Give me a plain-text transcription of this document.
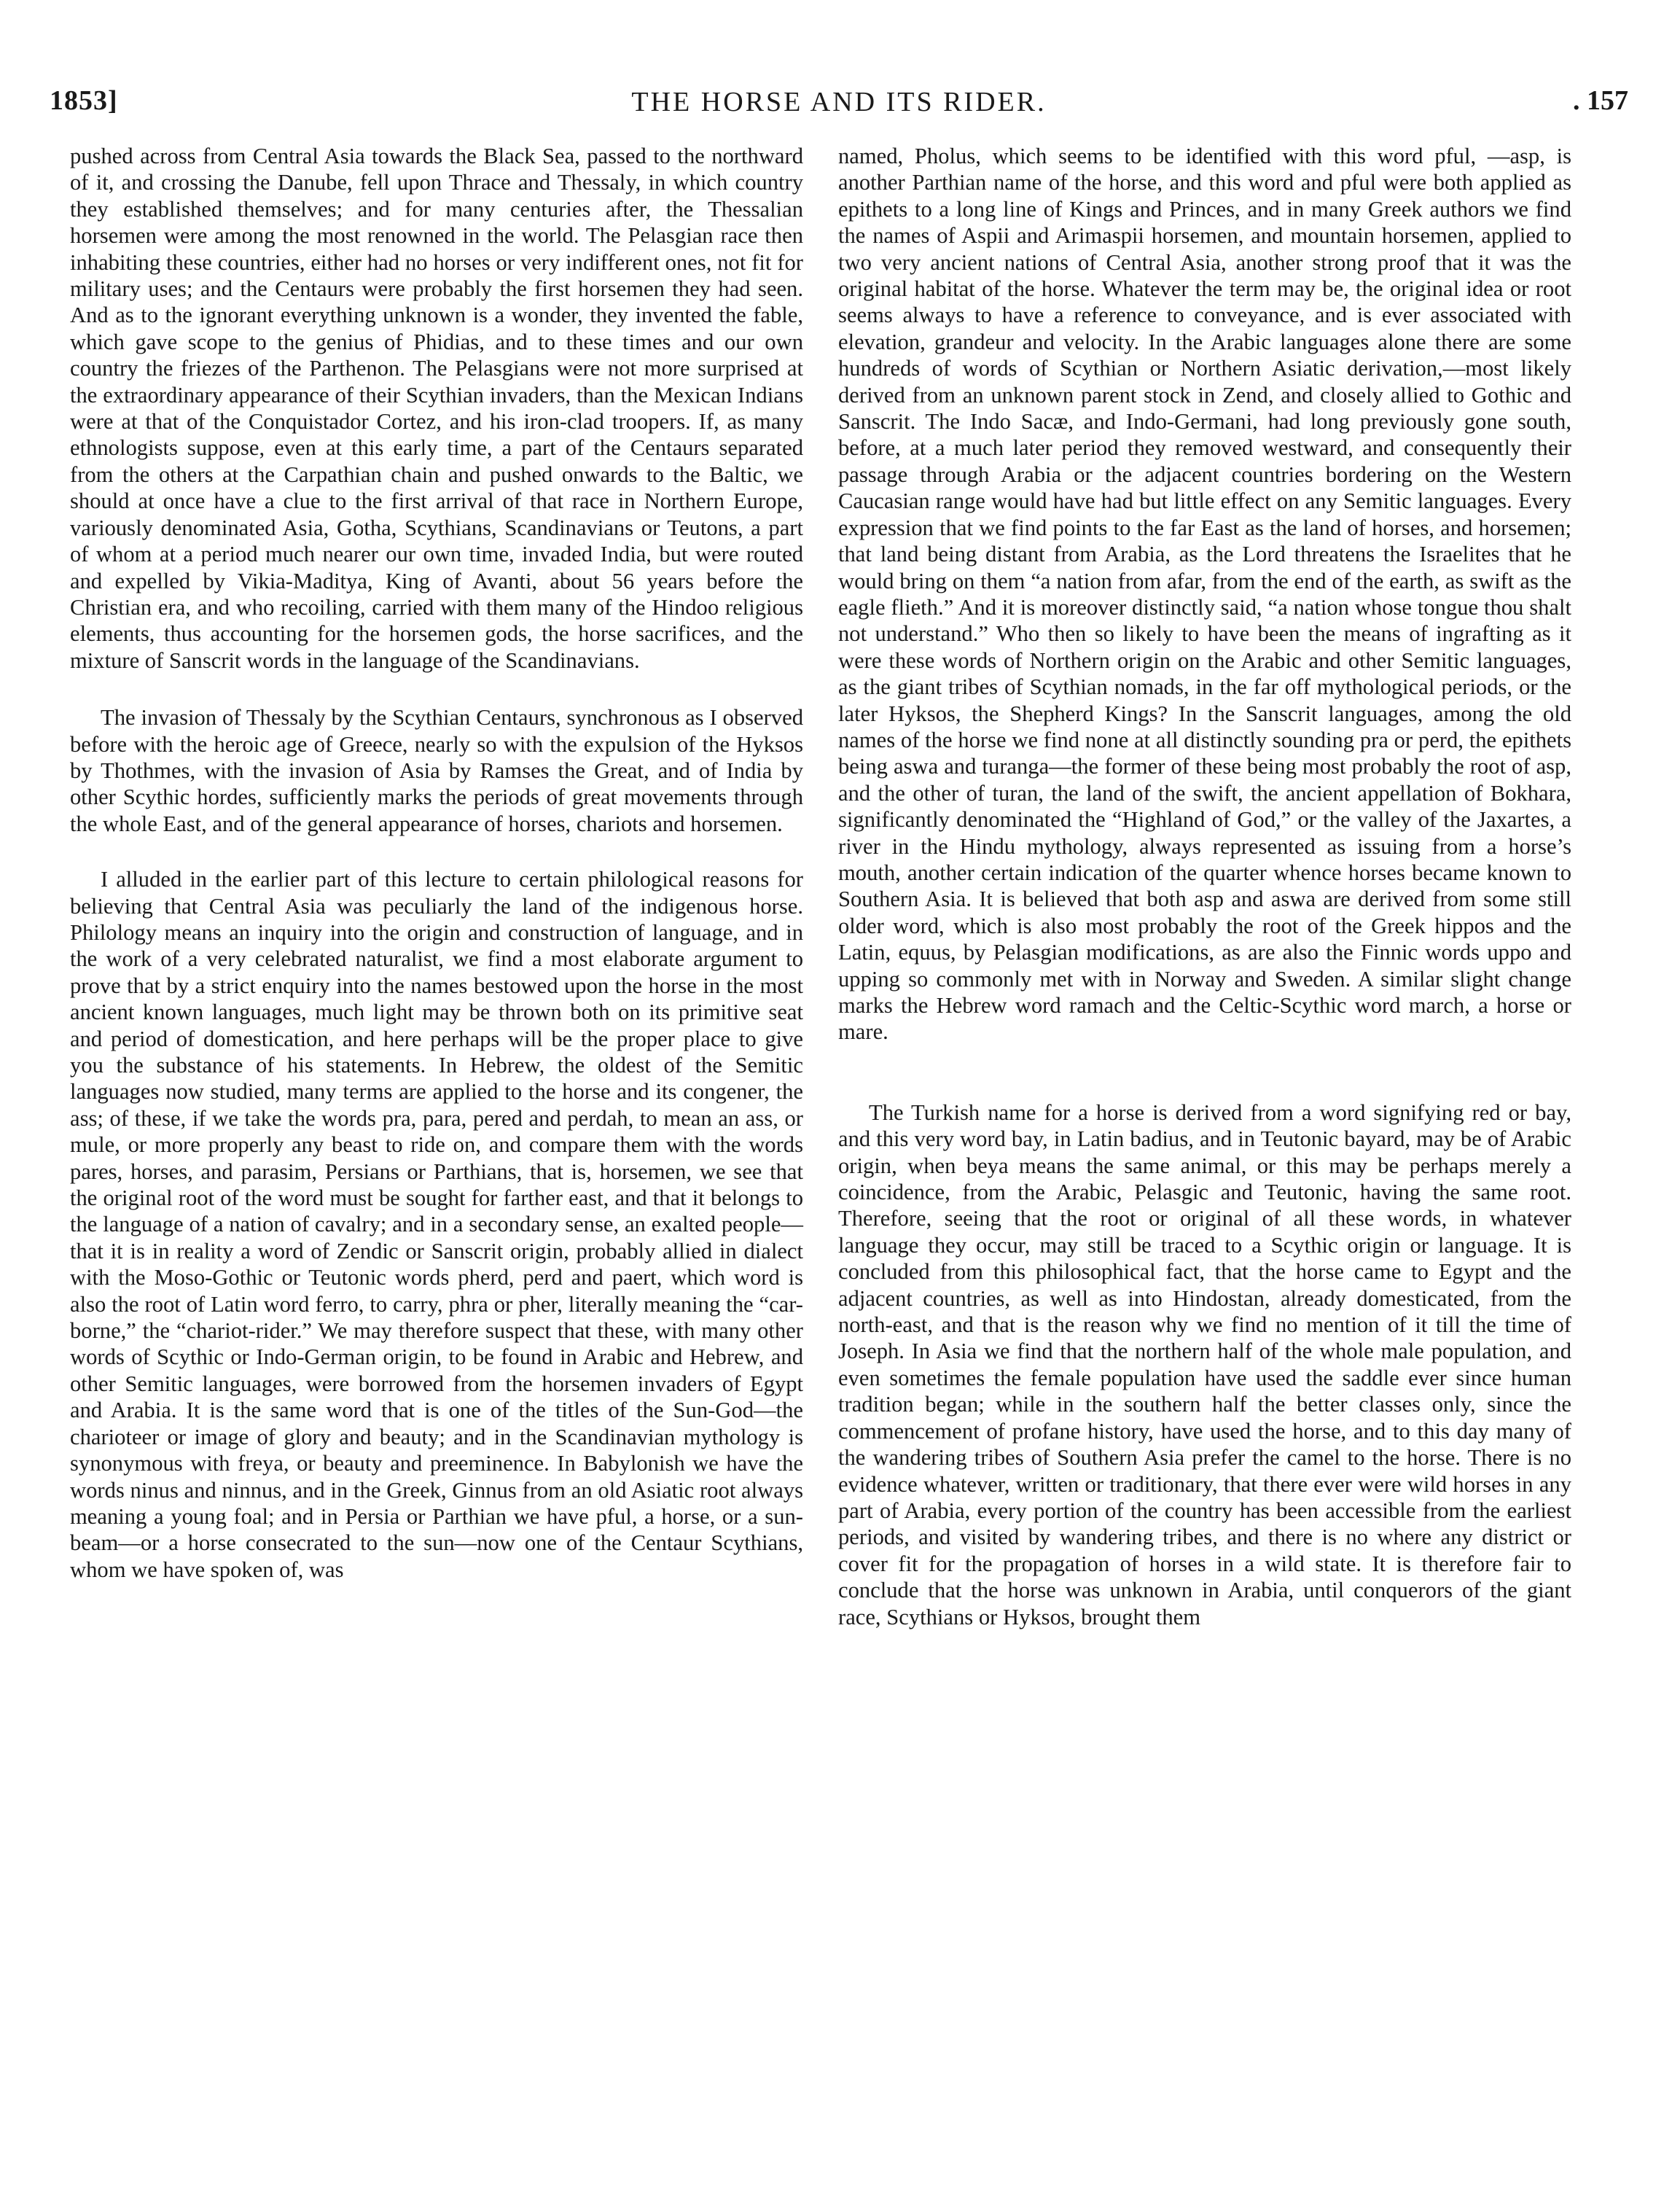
1853]	THE HORSE AND ITS RIDER.	. 157

pushed across from Central Asia towards the Black Sea, passed to the northward of it, and crossing the Danube, fell upon Thrace and Thessaly, in which country they established themselves; and for many centuries after, the Thessalian horsemen were among the most renowned in the world. The Pelasgian race then inhabiting these countries, either had no horses or very indifferent ones, not fit for military uses; and the Centaurs were probably the first horsemen they had seen. And as to the ignorant everything unknown is a wonder, they invented the fable, which gave scope to the genius of Phidias, and to these times and our own country the friezes of the Parthenon. The Pelasgians were not more surprised at the extraordinary appearance of their Scythian invaders, than the Mexican Indians were at that of the Conquistador Cortez, and his iron-clad troopers. If, as many ethnologists suppose, even at this early time, a part of the Centaurs separated from the others at the Carpathian chain and pushed onwards to the Baltic, we should at once have a clue to the first arrival of that race in Northern Europe, variously denominated Asia, Gotha, Scythians, Scandinavians or Teutons, a part of whom at a period much nearer our own time, invaded India, but were routed and expelled by Vikia-Maditya, King of Avanti, about 56 years before the Christian era, and who recoiling, carried with them many of the Hindoo religious elements, thus accounting for the horsemen gods, the horse sacrifices, and the mixture of Sanscrit words in the language of the Scandinavians.

The invasion of Thessaly by the Scythian Centaurs, synchronous as I observed before with the heroic age of Greece, nearly so with the expulsion of the Hyksos by Thothmes, with the invasion of Asia by Ramses the Great, and of India by other Scythic hordes, sufficiently marks the periods of great movements through the whole East, and of the general appearance of horses, chariots and horsemen.

I alluded in the earlier part of this lecture to certain philological reasons for believing that Central Asia was peculiarly the land of the indigenous horse. Philology means an inquiry into the origin and construction of language, and in the work of a very celebrated naturalist, we find a most elaborate argument to prove that by a strict enquiry into the names bestowed upon the horse in the most ancient known languages, much light may be thrown both on its primitive seat and period of domestication, and here perhaps will be the proper place to give you the substance of his statements. In Hebrew, the oldest of the Semitic languages now studied, many terms are applied to the horse and its congener, the ass; of these, if we take the words pra, para, pered and perdah, to mean an ass, or mule, or more properly any beast to ride on, and compare them with the words pares, horses, and parasim, Persians or Parthians, that is, horsemen, we see that the original root of the word must be sought for farther east, and that it belongs to the language of a nation of cavalry; and in a secondary sense, an exalted people—that it is in reality a word of Zendic or Sanscrit origin, probably allied in dialect with the Moso-Gothic or Teutonic words pherd, perd and paert, which word is also the root of Latin word ferro, to carry, phra or pher, literally meaning the “car-borne,” the “chariot-rider.” We may therefore suspect that these, with many other words of Scythic or Indo-German origin, to be found in Arabic and Hebrew, and other Semitic languages, were borrowed from the horsemen invaders of Egypt and Arabia. It is the same word that is one of the titles of the Sun-God—the charioteer or image of glory and beauty; and in the Scandinavian mythology is synonymous with freya, or beauty and preeminence. In Babylonish we have the words ninus and ninnus, and in the Greek, Ginnus from an old Asiatic root always meaning a young foal; and in Persia or Parthian we have pful, a horse, or a sun-beam—or a horse consecrated to the sun—now one of the Centaur Scythians, whom we have spoken of, was

named, Pholus, which seems to be identified with this word pful, —asp, is another Parthian name of the horse, and this word and pful were both applied as epithets to a long line of Kings and Princes, and in many Greek authors we find the names of Aspii and Arimaspii horsemen, and mountain horsemen, applied to two very ancient nations of Central Asia, another strong proof that it was the original habitat of the horse. Whatever the term may be, the original idea or root seems always to have a reference to conveyance, and is ever associated with elevation, grandeur and velocity. In the Arabic languages alone there are some hundreds of words of Scythian or Northern Asiatic derivation,—most likely derived from an unknown parent stock in Zend, and closely allied to Gothic and Sanscrit. The Indo Sacæ, and Indo-Germani, had long previously gone south, before, at a much later period they removed westward, and consequently their passage through Arabia or the adjacent countries bordering on the Western Caucasian range would have had but little effect on any Semitic languages. Every expression that we find points to the far East as the land of horses, and horsemen; that land being distant from Arabia, as the Lord threatens the Israelites that he would bring on them “a nation from afar, from the end of the earth, as swift as the eagle flieth.” And it is moreover distinctly said, “a nation whose tongue thou shalt not understand.” Who then so likely to have been the means of ingrafting as it were these words of Northern origin on the Arabic and other Semitic languages, as the giant tribes of Scythian nomads, in the far off mythological periods, or the later Hyksos, the Shepherd Kings? In the Sanscrit languages, among the old names of the horse we find none at all distinctly sounding pra or perd, the epithets being aswa and turanga—the former of these being most probably the root of asp, and the other of turan, the land of the swift, the ancient appellation of Bokhara, significantly denominated the “Highland of God,” or the valley of the Jaxartes, a river in the Hindu mythology, always represented as issuing from a horse’s mouth, another certain indication of the quarter whence horses became known to Southern Asia. It is believed that both asp and aswa are derived from some still older word, which is also most probably the root of the Greek hippos and the Latin, equus, by Pelasgian modifications, as are also the Finnic words uppo and upping so commonly met with in Norway and Sweden. A similar slight change marks the Hebrew word ramach and the Celtic-Scythic word march, a horse or mare.

The Turkish name for a horse is derived from a word signifying red or bay, and this very word bay, in Latin badius, and in Teutonic bayard, may be of Arabic origin, when beya means the same animal, or this may be perhaps merely a coincidence, from the Arabic, Pelasgic and Teutonic, having the same root. Therefore, seeing that the root or original of all these words, in whatever language they occur, may still be traced to a Scythic origin or language. It is concluded from this philosophical fact, that the horse came to Egypt and the adjacent countries, as well as into Hindostan, already domesticated, from the north-east, and that is the reason why we find no mention of it till the time of Joseph. In Asia we find that the northern half of the whole male population, and even sometimes the female population have used the saddle ever since human tradition began; while in the southern half the better classes only, since the commencement of profane history, have used the horse, and to this day many of the wandering tribes of Southern Asia prefer the camel to the horse. There is no evidence whatever, written or traditionary, that there ever were wild horses in any part of Arabia, every portion of the country has been accessible from the earliest periods, and visited by wandering tribes, and there is no where any district or cover fit for the propagation of horses in a wild state. It is therefore fair to conclude that the horse was unknown in Arabia, until conquerors of the giant race, Scythians or Hyksos, brought them
